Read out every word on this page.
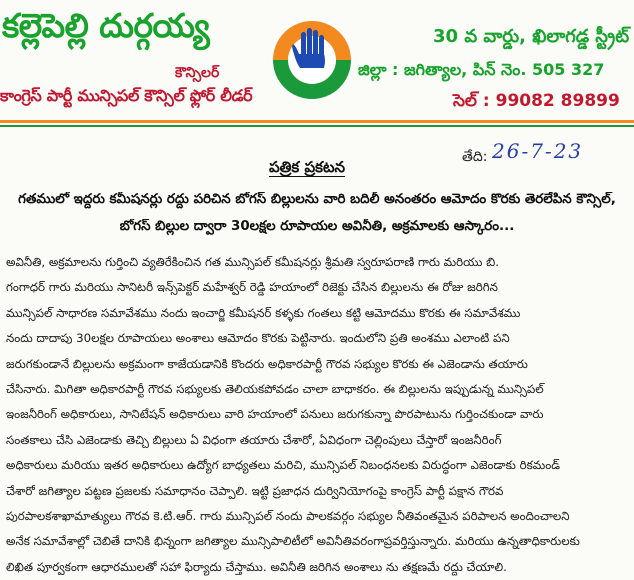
కల్లెపెల్లి దుర్గయ్య
కౌన్సిలర్
కాంగ్రెస్ పార్టీ మున్సిపల్ కౌన్సిల్ ఫ్లోర్ లీడర్
30 వ వార్డు, ఖిలాగడ్డ స్ట్రీట్
జిల్లా : జగిత్యాల, పిన్ నెం. 505 327
సెల్ : 99082 89899
పత్రిక ప్రకటన
తేది: 26-7-23
గతములో ఇద్దరు కమీషనర్లు రద్దు పరిచిన బోగస్ బిల్లులను వారి బదిలీ అనంతరం ఆమోదం కొరకు తెరలేపిన కౌన్సిల్,
బోగస్ బిల్లుల ద్వారా 30లక్షల రూపాయల అవినీతి, అక్రమాలకు ఆస్కారం...
అవినీతి, అక్రమాలను గుర్తించి వ్యతిరేకించిన గత మున్సిపల్ కమీషనర్లు శ్రీమతి స్వరూపరాణి గారు మరియు బి.
గంగాధర్ గారు మరియు సానిటరీ ఇన్స్‌పెక్టర్ మహేశ్వర్ రెడ్డి హయాంలో రిజెక్టు చేసిన బిల్లులను ఈ రోజు జరిగిన
మున్సిపల్ సాధారణ సమావేశము నందు ఇంచార్జి కమీషనర్ కళ్ళకు గంతలు కట్టి ఆమోదము కొరకు ఈ సమావేశము
నందు దాదాపు 30లక్షల రూపాయలు అంశాలు ఆమోదం కొరకు పెట్టినారు. ఇందులోని ప్రతి అంశము ఎలాంటి పని
జరుగకుండానే బిల్లులను అక్రమంగా కాజేయడానికి కొందరు అధికారపార్టీ గౌరవ సభ్యుల కొరకు ఈ ఎజెండాను తయారు
చేసినారు. మిగితా అధికారపార్టీ గౌరవ సభ్యులకు తెలియకపోవడం చాలా బాధాకరం. ఈ బిల్లులను ఇప్పుడున్న మున్సిపల్
ఇంజనీరింగ్ అధికారులు, సానిటేషన్ అధికారులు వారి హయాంలో పనులు జరుగకున్నా పొరపాటును గుర్తించకుండా వారు
సంతకాలు చేసి ఎజెండాకు తెచ్చి బిల్లులు ఏ విధంగా తయారు చేశారో, ఏవిధంగా చెల్లింపులు చేస్తారో ఇంజనీరింగ్
అధికారులు మరియు ఇతర అధికారులు ఉద్యోగ బాధ్యతలు మరిచి, మున్సిపల్ నిబంధనలకు విరుద్ధంగా ఎజెండాకు రికమండ్
చేశారో జగిత్యాల పట్టణ ప్రజలకు సమాధానం చెప్పాలి. ఇట్టి ప్రజాధన దుర్వినియోగంపై కాంగ్రెస్ పార్టీ పక్షాన గౌరవ
పురపాలకశాఖామాత్యులు గౌరవ కె.టి.ఆర్. గారు మున్సిపల్ నందు పాలకవర్గం సభ్యుల నీతివంతమైన పరిపాలన అందించాలని
అనేక సమావేశాల్లో చెబితే దానికి భిన్నంగా జగిత్యాల మున్సిపాలిటీలో అవినీతివరంగాప్రవర్తిస్తున్నారు. మరియు ఉన్నతాధికారులకు
లిఖిత పూర్వకంగా ఆధారములతో సహా ఫిర్యాదు చేస్తాము. అవినీతి జరిగిన అంశాలు ను తక్షణమే రద్దు చేయాలి.
